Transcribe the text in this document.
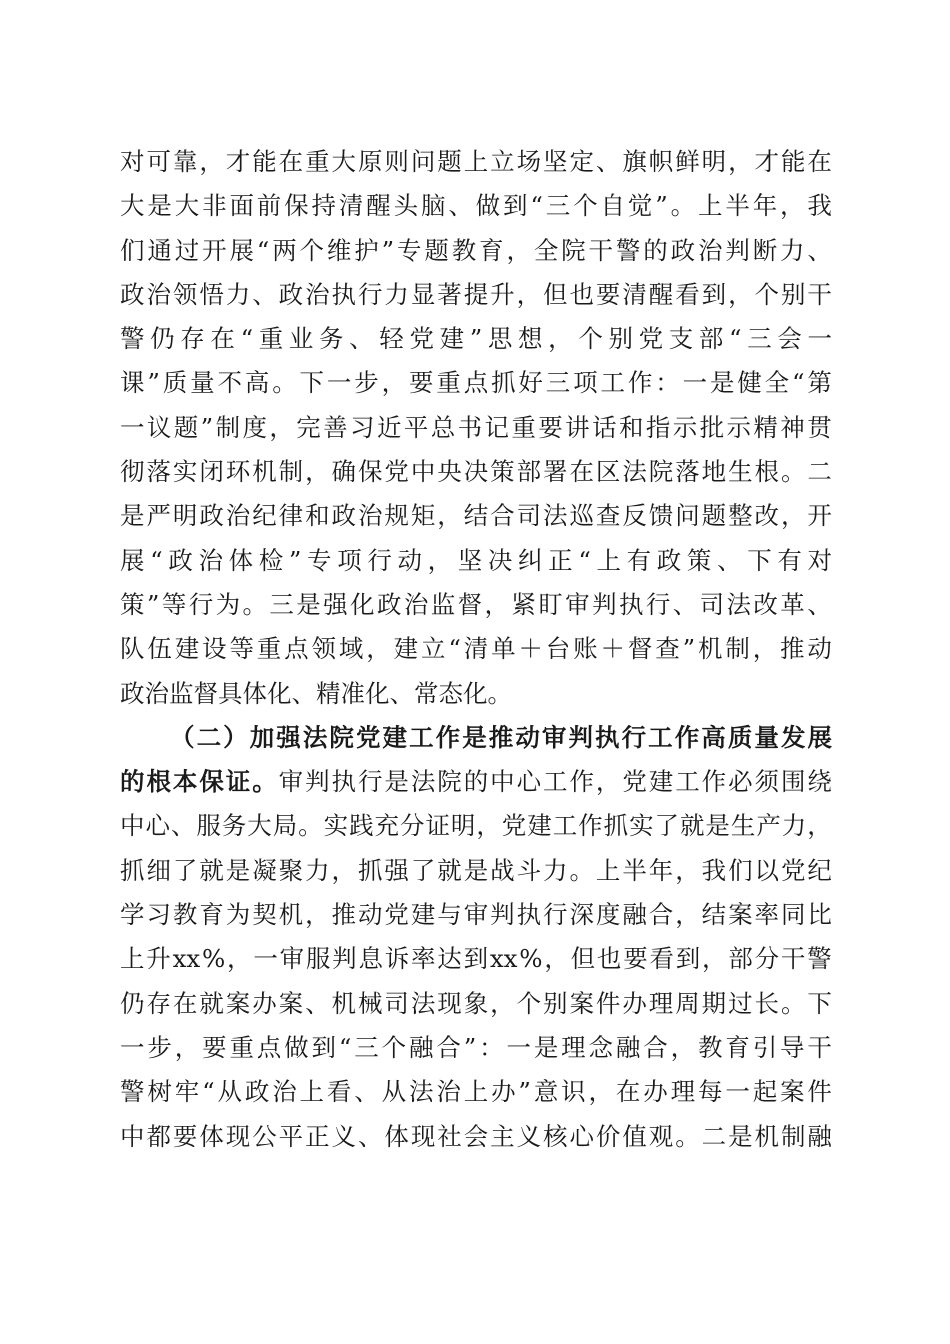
对 可 靠 ， 才 能 在 重 大 原 则 问 题 上 立 场 坚 定 、 旗 帜 鲜 明 ， 才 能 在
大 是 大 非 面 前 保 持 清 醒 头 脑 、 做 到 “ 三 个 自 觉 ” 。 上 半 年 ， 我
们 通 过 开 展 “ 两 个 维 护 ” 专 题 教 育 ， 全 院 干 警 的 政 治 判 断 力 、
政 治 领 悟 力 、 政 治 执 行 力 显 著 提 升 ， 但 也 要 清 醒 看 到 ， 个 别 干
警 仍 存 在 “ 重 业 务 、 轻 党 建 ” 思 想 ， 个 别 党 支 部 “ 三 会 一
课 ” 质 量 不 高 。 下 一 步 ， 要 重 点 抓 好 三 项 工 作 ： 一 是 健 全 “ 第
一 议 题 ” 制 度 ， 完 善 习 近 平 总 书 记 重 要 讲 话 和 指 示 批 示 精 神 贯
彻 落 实 闭 环 机 制 ， 确 保 党 中 央 决 策 部 署 在 区 法 院 落 地 生 根 。 二
是 严 明 政 治 纪 律 和 政 治 规 矩 ， 结 合 司 法 巡 查 反 馈 问 题 整 改 ， 开
展 “ 政 治 体 检 ” 专 项 行 动 ， 坚 决 纠 正 “ 上 有 政 策 、 下 有 对
策 ” 等 行 为 。 三 是 强 化 政 治 监 督 ， 紧 盯 审 判 执 行 、 司 法 改 革 、
队 伍 建 设 等 重 点 领 域 ， 建 立 “ 清 单 ＋ 台 账 ＋ 督 查 ” 机 制 ， 推 动
政 治 监 督 具 体 化 、 精 准 化 、 常 态 化 。
（ 二 ） 加 强 法 院 党 建 工 作 是 推 动 审 判 执 行 工 作 高 质 量 发 展
的 根 本 保 证 。 审 判 执 行 是 法 院 的 中 心 工 作 ， 党 建 工 作 必 须 围 绕
中 心 、 服 务 大 局 。 实 践 充 分 证 明 ， 党 建 工 作 抓 实 了 就 是 生 产 力 ，
抓 细 了 就 是 凝 聚 力 ， 抓 强 了 就 是 战 斗 力 。 上 半 年 ， 我 们 以 党 纪
学 习 教 育 为 契 机 ， 推 动 党 建 与 审 判 执 行 深 度 融 合 ， 结 案 率 同 比
上 升 xx % ， 一 审 服 判 息 诉 率 达 到 xx % ， 但 也 要 看 到 ， 部 分 干 警
仍 存 在 就 案 办 案 、 机 械 司 法 现 象 ， 个 别 案 件 办 理 周 期 过 长 。 下
一 步 ， 要 重 点 做 到 “ 三 个 融 合 ” ： 一 是 理 念 融 合 ， 教 育 引 导 干
警 树 牢 “ 从 政 治 上 看 、 从 法 治 上 办 ” 意 识 ， 在 办 理 每 一 起 案 件
中 都 要 体 现 公 平 正 义 、 体 现 社 会 主 义 核 心 价 值 观 。 二 是 机 制 融
